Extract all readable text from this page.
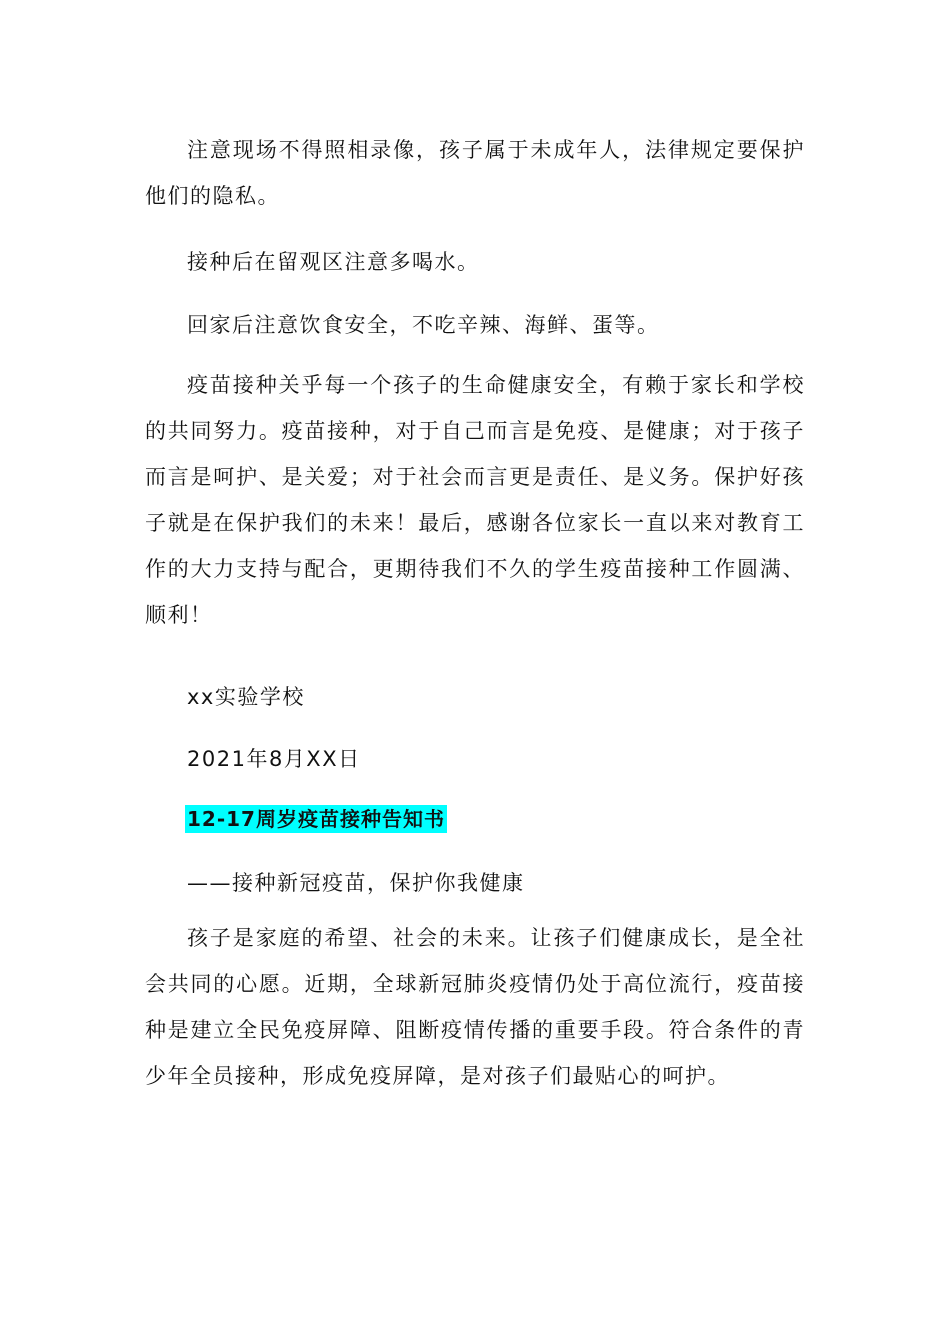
注意现场不得照相录像，孩子属于未成年人，法律规定要保护他们的隐私。

接种后在留观区注意多喝水。

回家后注意饮食安全，不吃辛辣、海鲜、蛋等。

疫苗接种关乎每一个孩子的生命健康安全，有赖于家长和学校的共同努力。疫苗接种，对于自己而言是免疫、是健康；对于孩子而言是呵护、是关爱；对于社会而言更是责任、是义务。保护好孩子就是在保护我们的未来！最后，感谢各位家长一直以来对教育工作的大力支持与配合，更期待我们不久的学生疫苗接种工作圆满、顺利！

xx实验学校

2021年8月XX日

12-17周岁疫苗接种告知书

——接种新冠疫苗，保护你我健康

孩子是家庭的希望、社会的未来。让孩子们健康成长，是全社会共同的心愿。近期，全球新冠肺炎疫情仍处于高位流行，疫苗接种是建立全民免疫屏障、阻断疫情传播的重要手段。符合条件的青少年全员接种，形成免疫屏障，是对孩子们最贴心的呵护。
